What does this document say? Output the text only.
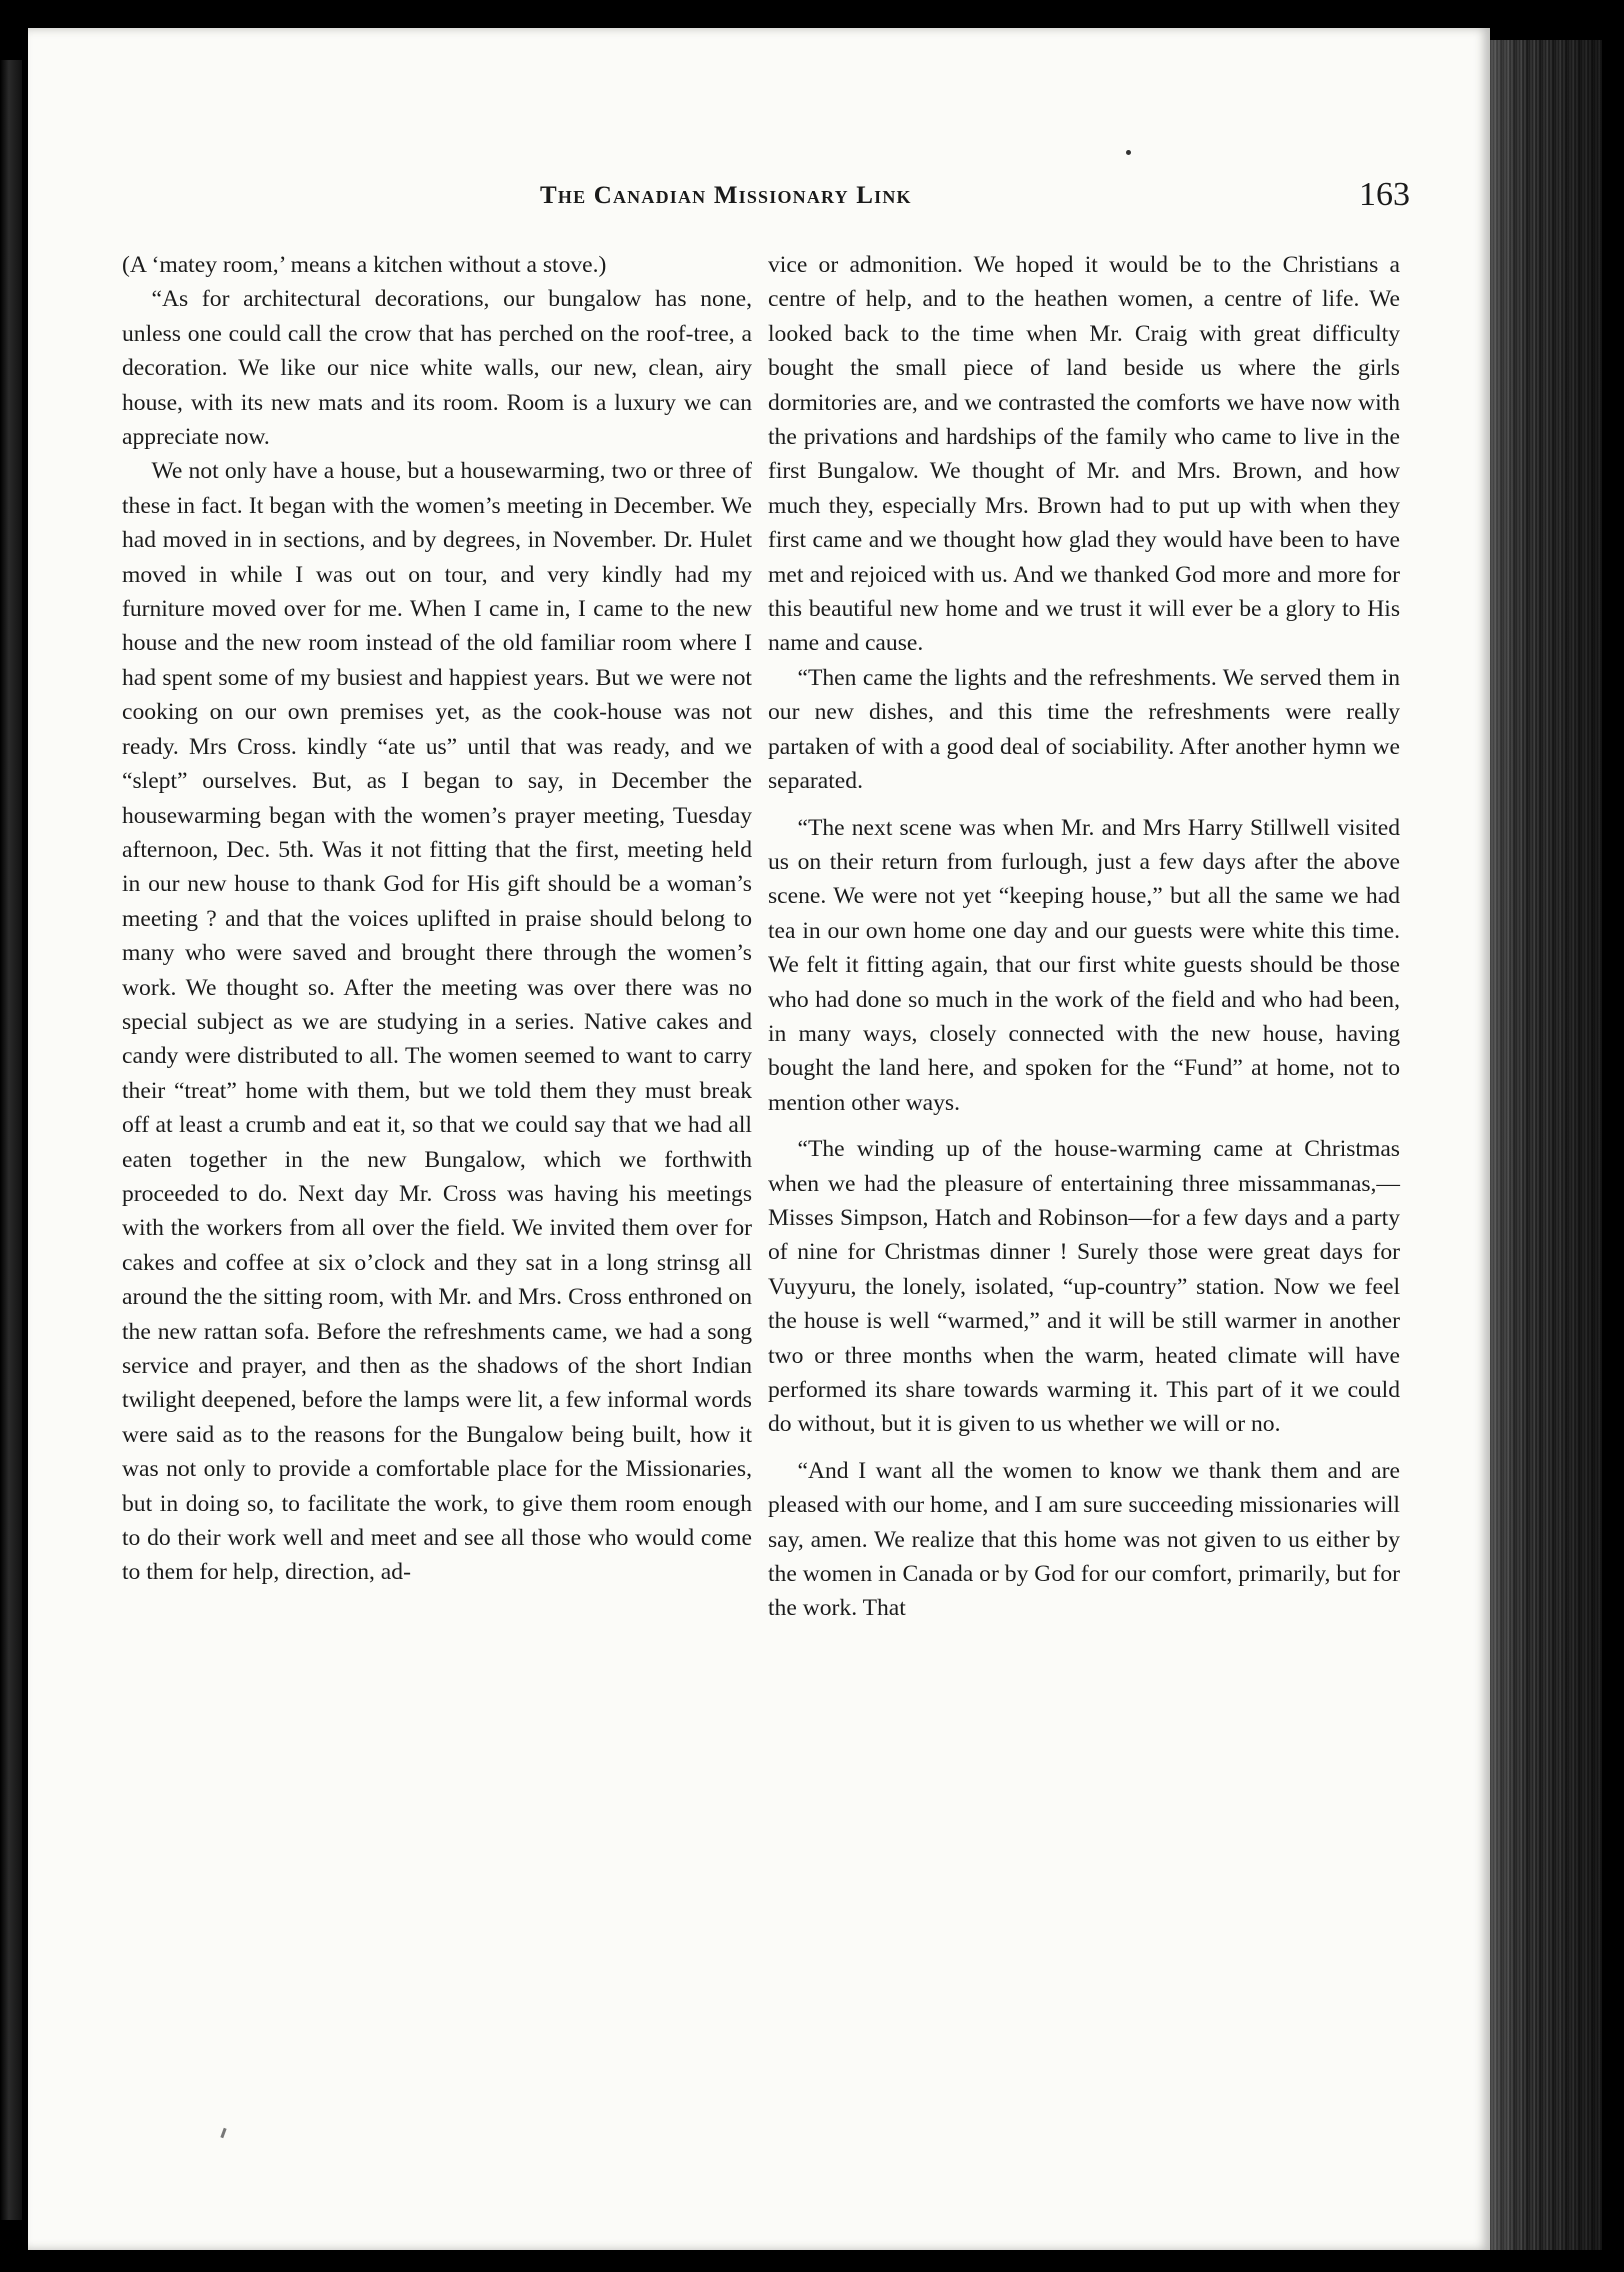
The Canadian Missionary Link	163

(A ‘matey room,’ means a kitchen without a stove.)

“As for architectural decorations, our bungalow has none, unless one could call the crow that has perched on the roof-tree, a decoration. We like our nice white walls, our new, clean, airy house, with its new mats and its room. Room is a luxury we can appreciate now.

We not only have a house, but a housewarming, two or three of these in fact. It began with the women’s meeting in December. We had moved in in sections, and by degrees, in November. Dr. Hulet moved in while I was out on tour, and very kindly had my furniture moved over for me. When I came in, I came to the new house and the new room instead of the old familiar room where I had spent some of my busiest and happiest years. But we were not cooking on our own premises yet, as the cook-house was not ready. Mrs Cross. kindly “ate us” until that was ready, and we “slept” ourselves. But, as I began to say, in December the housewarming began with the women’s prayer meeting, Tuesday afternoon, Dec. 5th. Was it not fitting that the first, meeting held in our new house to thank God for His gift should be a woman’s meeting ? and that the voices uplifted in praise should belong to many who were saved and brought there through the women’s work. We thought so. After the meeting was over there was no special subject as we are studying in a series. Native cakes and candy were distributed to all. The women seemed to want to carry their “treat” home with them, but we told them they must break off at least a crumb and eat it, so that we could say that we had all eaten together in the new Bungalow, which we forthwith proceeded to do. Next day Mr. Cross was having his meetings with the workers from all over the field. We invited them over for cakes and coffee at six o’clock and they sat in a long strinsg all around the the sitting room, with Mr. and Mrs. Cross enthroned on the new rattan sofa. Before the refreshments came, we had a song service and prayer, and then as the shadows of the short Indian twilight deepened, before the lamps were lit, a few informal words were said as to the reasons for the Bungalow being built, how it was not only to provide a comfortable place for the Missionaries, but in doing so, to facilitate the work, to give them room enough to do their work well and meet and see all those who would come to them for help, direction, ad-

vice or admonition. We hoped it would be to the Christians a centre of help, and to the heathen women, a centre of life. We looked back to the time when Mr. Craig with great difficulty bought the small piece of land beside us where the girls dormitories are, and we contrasted the comforts we have now with the privations and hardships of the family who came to live in the first Bungalow. We thought of Mr. and Mrs. Brown, and how much they, especially Mrs. Brown had to put up with when they first came and we thought how glad they would have been to have met and rejoiced with us. And we thanked God more and more for this beautiful new home and we trust it will ever be a glory to His name and cause.

“Then came the lights and the refreshments. We served them in our new dishes, and this time the refreshments were really partaken of with a good deal of sociability. After another hymn we separated.

“The next scene was when Mr. and Mrs Harry Stillwell visited us on their return from furlough, just a few days after the above scene. We were not yet “keeping house,” but all the same we had tea in our own home one day and our guests were white this time. We felt it fitting again, that our first white guests should be those who had done so much in the work of the field and who had been, in many ways, closely connected with the new house, having bought the land here, and spoken for the “Fund” at home, not to mention other ways.

“The winding up of the house-warming came at Christmas when we had the pleasure of entertaining three missammanas,—Misses Simpson, Hatch and Robinson—for a few days and a party of nine for Christmas dinner ! Surely those were great days for Vuyyuru, the lonely, isolated, “up-country” station. Now we feel the house is well “warmed,” and it will be still warmer in another two or three months when the warm, heated climate will have performed its share towards warming it. This part of it we could do without, but it is given to us whether we will or no.

“And I want all the women to know we thank them and are pleased with our home, and I am sure succeeding missionaries will say, amen. We realize that this home was not given to us either by the women in Canada or by God for our comfort, primarily, but for the work. That
